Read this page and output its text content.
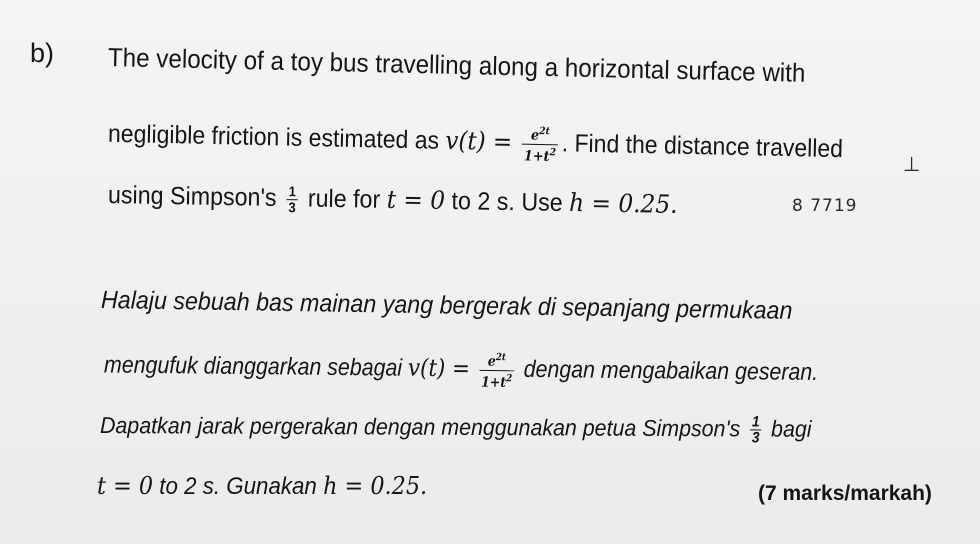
b) The velocity of a toy bus travelling along a horizontal surface with
negligible friction is estimated as $v(t) = \frac{e^{2t}}{1+t^2}$ . Find the distance travelled
using Simpson's $\frac{1}{3}$ rule for t = 0 to 2 s. Use h = 0.25.	8 7719
⊥
Halaju sebuah bas mainan yang bergerak di sepanjang permukaan
mengufuk dianggarkan sebagai $v(t) = \frac{e^{2t}}{1+t^2}$ dengan mengabaikan geseran.
Dapatkan jarak pergerakan dengan menggunakan petua Simpson's $\frac{1}{3}$ bagi
t = 0 to 2 s. Gunakan h = 0.25.	(7 marks/markah)
